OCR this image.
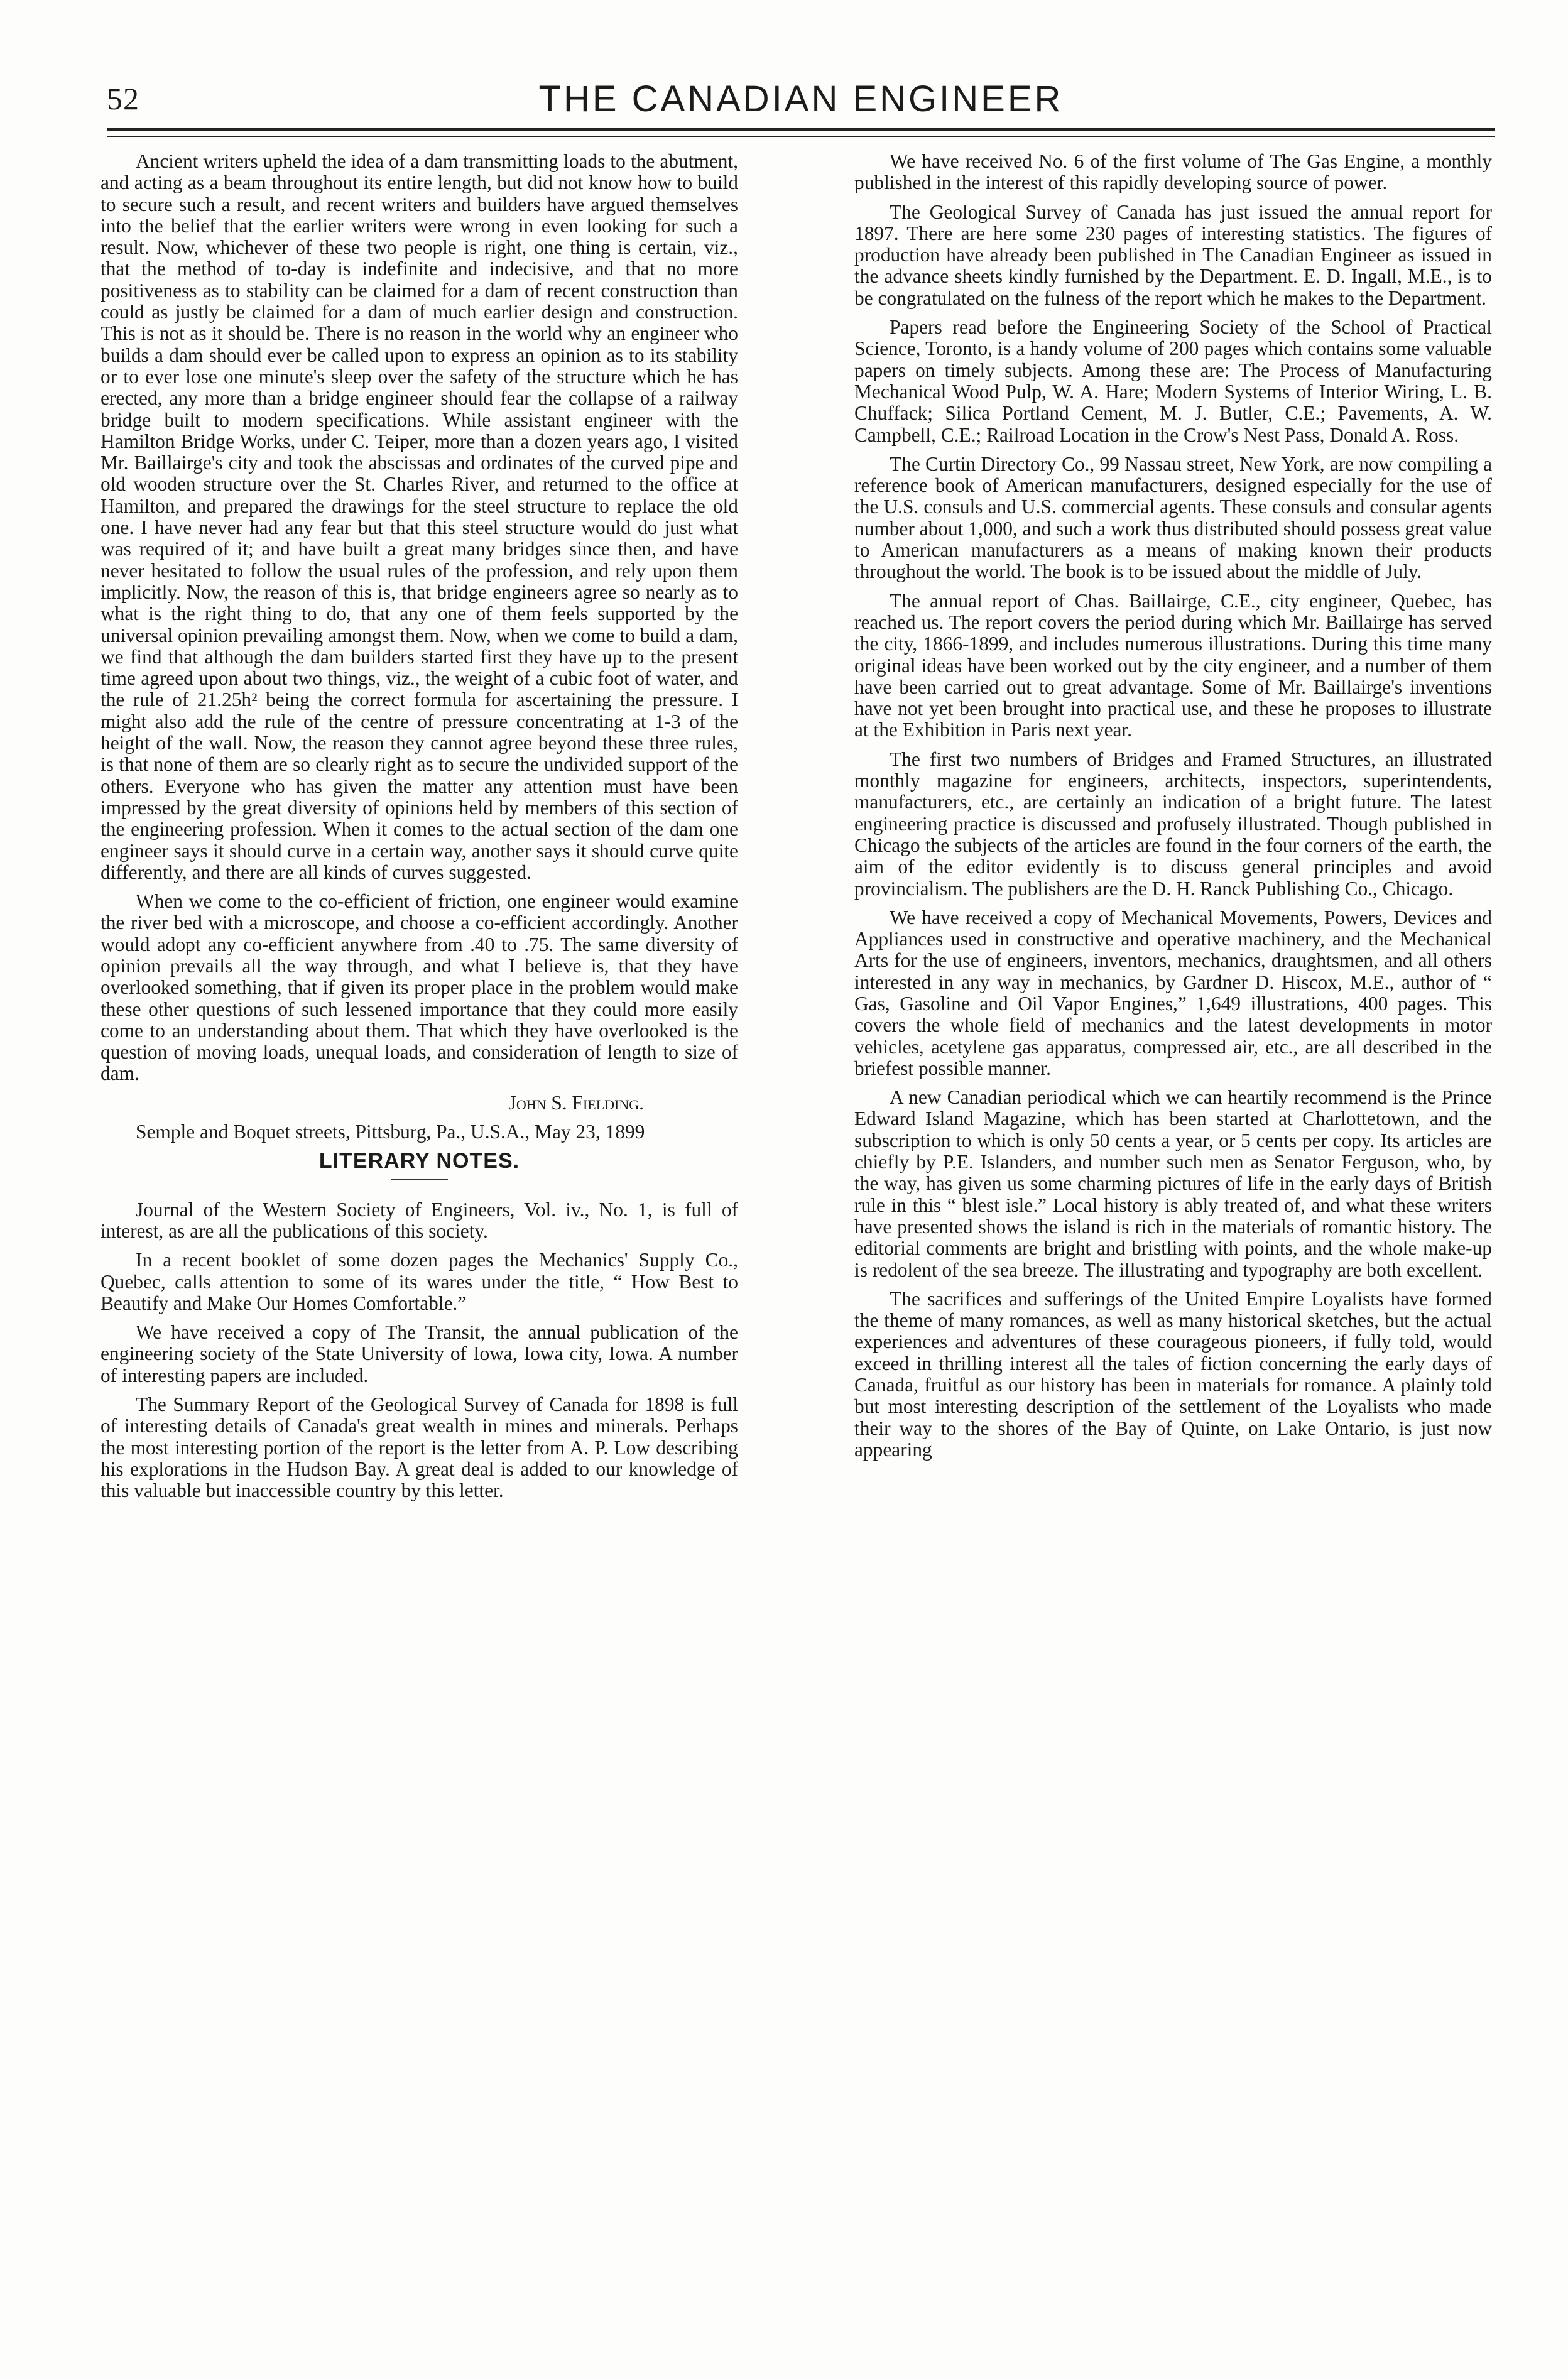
52	THE CANADIAN ENGINEER

Ancient writers upheld the idea of a dam transmitting loads to the abutment, and acting as a beam throughout its entire length, but did not know how to build to secure such a result, and recent writers and builders have argued themselves into the belief that the earlier writers were wrong in even looking for such a result. Now, whichever of these two people is right, one thing is certain, viz., that the method of to-day is indefinite and indecisive, and that no more positiveness as to stability can be claimed for a dam of recent construction than could as justly be claimed for a dam of much earlier design and construction. This is not as it should be. There is no reason in the world why an engineer who builds a dam should ever be called upon to express an opinion as to its stability or to ever lose one minute's sleep over the safety of the structure which he has erected, any more than a bridge engineer should fear the collapse of a railway bridge built to modern specifications. While assistant engineer with the Hamilton Bridge Works, under C. Teiper, more than a dozen years ago, I visited Mr. Baillairge's city and took the abscissas and ordinates of the curved pipe and old wooden structure over the St. Charles River, and returned to the office at Hamilton, and prepared the drawings for the steel structure to replace the old one. I have never had any fear but that this steel structure would do just what was required of it; and have built a great many bridges since then, and have never hesitated to follow the usual rules of the profession, and rely upon them implicitly. Now, the reason of this is, that bridge engineers agree so nearly as to what is the right thing to do, that any one of them feels supported by the universal opinion prevailing amongst them. Now, when we come to build a dam, we find that although the dam builders started first they have up to the present time agreed upon about two things, viz., the weight of a cubic foot of water, and the rule of 21.25h² being the correct formula for ascertaining the pressure. I might also add the rule of the centre of pressure concentrating at 1-3 of the height of the wall. Now, the reason they cannot agree beyond these three rules, is that none of them are so clearly right as to secure the undivided support of the others. Everyone who has given the matter any attention must have been impressed by the great diversity of opinions held by members of this section of the engineering profession. When it comes to the actual section of the dam one engineer says it should curve in a certain way, another says it should curve quite differently, and there are all kinds of curves suggested.

When we come to the co-efficient of friction, one engineer would examine the river bed with a microscope, and choose a co-efficient accordingly. Another would adopt any co-efficient anywhere from .40 to .75. The same diversity of opinion prevails all the way through, and what I believe is, that they have overlooked something, that if given its proper place in the problem would make these other questions of such lessened importance that they could more easily come to an understanding about them. That which they have overlooked is the question of moving loads, unequal loads, and consideration of length to size of dam.

John S. Fielding.

Semple and Boquet streets, Pittsburg, Pa., U.S.A., May 23, 1899

LITERARY NOTES.

Journal of the Western Society of Engineers, Vol. iv., No. 1, is full of interest, as are all the publications of this society.

In a recent booklet of some dozen pages the Mechanics' Supply Co., Quebec, calls attention to some of its wares under the title, “ How Best to Beautify and Make Our Homes Comfortable.”

We have received a copy of The Transit, the annual publication of the engineering society of the State University of Iowa, Iowa city, Iowa. A number of interesting papers are included.

The Summary Report of the Geological Survey of Canada for 1898 is full of interesting details of Canada's great wealth in mines and minerals. Perhaps the most interesting portion of the report is the letter from A. P. Low describing his explorations in the Hudson Bay. A great deal is added to our knowledge of this valuable but inaccessible country by this letter.

We have received No. 6 of the first volume of The Gas Engine, a monthly published in the interest of this rapidly developing source of power.

The Geological Survey of Canada has just issued the annual report for 1897. There are here some 230 pages of interesting statistics. The figures of production have already been published in The Canadian Engineer as issued in the advance sheets kindly furnished by the Department. E. D. Ingall, M.E., is to be congratulated on the fulness of the report which he makes to the Department.

Papers read before the Engineering Society of the School of Practical Science, Toronto, is a handy volume of 200 pages which contains some valuable papers on timely subjects. Among these are: The Process of Manufacturing Mechanical Wood Pulp, W. A. Hare; Modern Systems of Interior Wiring, L. B. Chuffack; Silica Portland Cement, M. J. Butler, C.E.; Pavements, A. W. Campbell, C.E.; Railroad Location in the Crow's Nest Pass, Donald A. Ross.

The Curtin Directory Co., 99 Nassau street, New York, are now compiling a reference book of American manufacturers, designed especially for the use of the U.S. consuls and U.S. commercial agents. These consuls and consular agents number about 1,000, and such a work thus distributed should possess great value to American manufacturers as a means of making known their products throughout the world. The book is to be issued about the middle of July.

The annual report of Chas. Baillairge, C.E., city engineer, Quebec, has reached us. The report covers the period during which Mr. Baillairge has served the city, 1866-1899, and includes numerous illustrations. During this time many original ideas have been worked out by the city engineer, and a number of them have been carried out to great advantage. Some of Mr. Baillairge's inventions have not yet been brought into practical use, and these he proposes to illustrate at the Exhibition in Paris next year.

The first two numbers of Bridges and Framed Structures, an illustrated monthly magazine for engineers, architects, inspectors, superintendents, manufacturers, etc., are certainly an indication of a bright future. The latest engineering practice is discussed and profusely illustrated. Though published in Chicago the subjects of the articles are found in the four corners of the earth, the aim of the editor evidently is to discuss general principles and avoid provincialism. The publishers are the D. H. Ranck Publishing Co., Chicago.

We have received a copy of Mechanical Movements, Powers, Devices and Appliances used in constructive and operative machinery, and the Mechanical Arts for the use of engineers, inventors, mechanics, draughtsmen, and all others interested in any way in mechanics, by Gardner D. Hiscox, M.E., author of “ Gas, Gasoline and Oil Vapor Engines,” 1,649 illustrations, 400 pages. This covers the whole field of mechanics and the latest developments in motor vehicles, acetylene gas apparatus, compressed air, etc., are all described in the briefest possible manner.

A new Canadian periodical which we can heartily recommend is the Prince Edward Island Magazine, which has been started at Charlottetown, and the subscription to which is only 50 cents a year, or 5 cents per copy. Its articles are chiefly by P.E. Islanders, and number such men as Senator Ferguson, who, by the way, has given us some charming pictures of life in the early days of British rule in this “ blest isle.” Local history is ably treated of, and what these writers have presented shows the island is rich in the materials of romantic history. The editorial comments are bright and bristling with points, and the whole make-up is redolent of the sea breeze. The illustrating and typography are both excellent.

The sacrifices and sufferings of the United Empire Loyalists have formed the theme of many romances, as well as many historical sketches, but the actual experiences and adventures of these courageous pioneers, if fully told, would exceed in thrilling interest all the tales of fiction concerning the early days of Canada, fruitful as our history has been in materials for romance. A plainly told but most interesting description of the settlement of the Loyalists who made their way to the shores of the Bay of Quinte, on Lake Ontario, is just now appearing
